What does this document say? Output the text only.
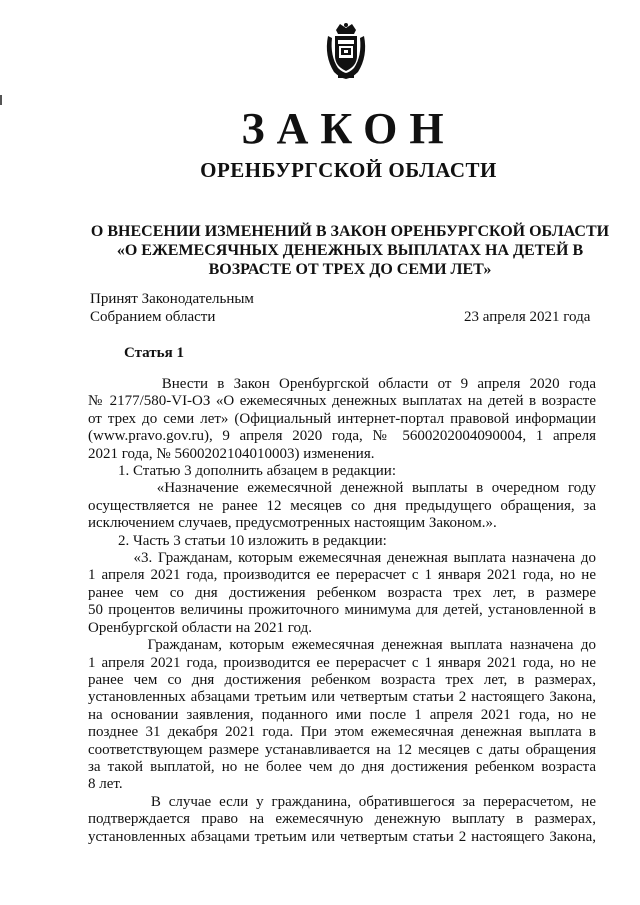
ЗАКОН
ОРЕНБУРГСКОЙ ОБЛАСТИ
О ВНЕСЕНИИ ИЗМЕНЕНИЙ В ЗАКОН ОРЕНБУРГСКОЙ ОБЛАСТИ
«О ЕЖЕМЕСЯЧНЫХ ДЕНЕЖНЫХ ВЫПЛАТАХ НА ДЕТЕЙ В
ВОЗРАСТЕ ОТ ТРЕХ ДО СЕМИ ЛЕТ»
Принят Законодательным
Собранием области	23 апреля 2021 года
Статья 1
Внести в Закон Оренбургской области от 9 апреля 2020 года
№ 2177/580-VI-ОЗ «О ежемесячных денежных выплатах на детей в возрасте
от трех до семи лет» (Официальный интернет-портал правовой информации
(www.pravo.gov.ru), 9 апреля 2020 года, № 5600202004090004, 1 апреля
2021 года, № 5600202104010003) изменения.
1. Статью 3 дополнить абзацем в редакции:
«Назначение ежемесячной денежной выплаты в очередном году
осуществляется не ранее 12 месяцев со дня предыдущего обращения, за
исключением случаев, предусмотренных настоящим Законом.».
2. Часть 3 статьи 10 изложить в редакции:
«3. Гражданам, которым ежемесячная денежная выплата назначена до
1 апреля 2021 года, производится ее перерасчет с 1 января 2021 года, но не
ранее чем со дня достижения ребенком возраста трех лет, в размере
50 процентов величины прожиточного минимума для детей, установленной в
Оренбургской области на 2021 год.
Гражданам, которым ежемесячная денежная выплата назначена до
1 апреля 2021 года, производится ее перерасчет с 1 января 2021 года, но не
ранее чем со дня достижения ребенком возраста трех лет, в размерах,
установленных абзацами третьим или четвертым статьи 2 настоящего Закона,
на основании заявления, поданного ими после 1 апреля 2021 года, но не
позднее 31 декабря 2021 года. При этом ежемесячная денежная выплата в
соответствующем размере устанавливается на 12 месяцев с даты обращения
за такой выплатой, но не более чем до дня достижения ребенком возраста
8 лет.
В случае если у гражданина, обратившегося за перерасчетом, не
подтверждается право на ежемесячную денежную выплату в размерах,
установленных абзацами третьим или четвертым статьи 2 настоящего Закона,
